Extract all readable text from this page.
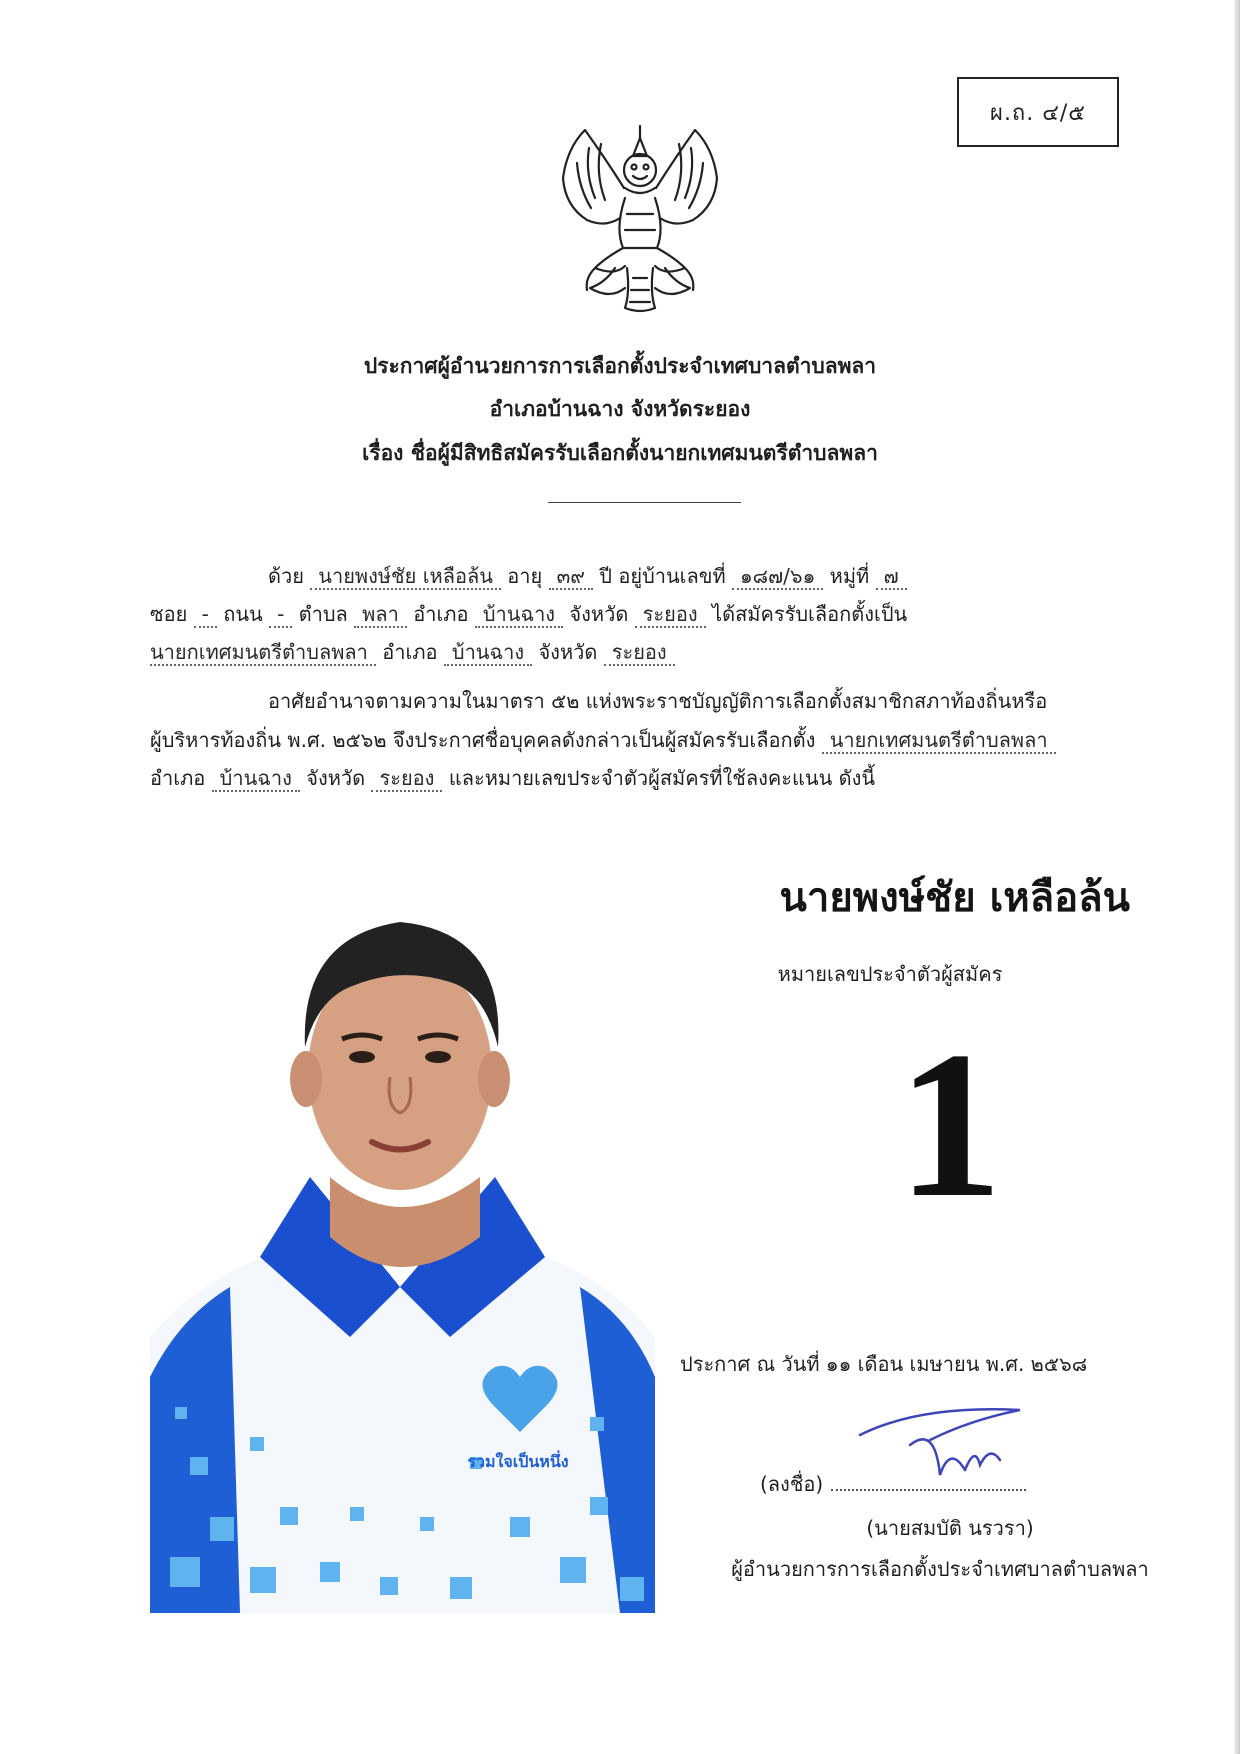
ผ.ถ. ๔/๕
ประกาศผู้อำนวยการการเลือกตั้งประจำเทศบาลตำบลพลา
อำเภอบ้านฉาง จังหวัดระยอง
เรื่อง ชื่อผู้มีสิทธิสมัครรับเลือกตั้งนายกเทศมนตรีตำบลพลา
ด้วย นายพงษ์ชัย เหลือล้น อายุ ๓๙ ปี อยู่บ้านเลขที่ ๑๘๗/๖๑ หมู่ที่ ๗
ซอย - ถนน - ตำบล พลา อำเภอ บ้านฉาง จังหวัด ระยอง ได้สมัครรับเลือกตั้งเป็น
นายกเทศมนตรีตำบลพลา อำเภอ บ้านฉาง จังหวัด ระยอง
อาศัยอำนาจตามความในมาตรา ๕๒ แห่งพระราชบัญญัติการเลือกตั้งสมาชิกสภาท้องถิ่นหรือ
ผู้บริหารท้องถิ่น พ.ศ. ๒๕๖๒ จึงประกาศชื่อบุคคลดังกล่าวเป็นผู้สมัครรับเลือกตั้ง นายกเทศมนตรีตำบลพลา
อำเภอ บ้านฉาง จังหวัด ระยอง และหมายเลขประจำตัวผู้สมัครที่ใช้ลงคะแนน ดังนี้
รวมใจเป็นหนึ่ง
นายพงษ์ชัย เหลือล้น
หมายเลขประจำตัวผู้สมัคร
1
ประกาศ ณ วันที่ ๑๑ เดือน เมษายน พ.ศ. ๒๕๖๘
(ลงชื่อ)
(นายสมบัติ นรวรา)
ผู้อำนวยการการเลือกตั้งประจำเทศบาลตำบลพลา
